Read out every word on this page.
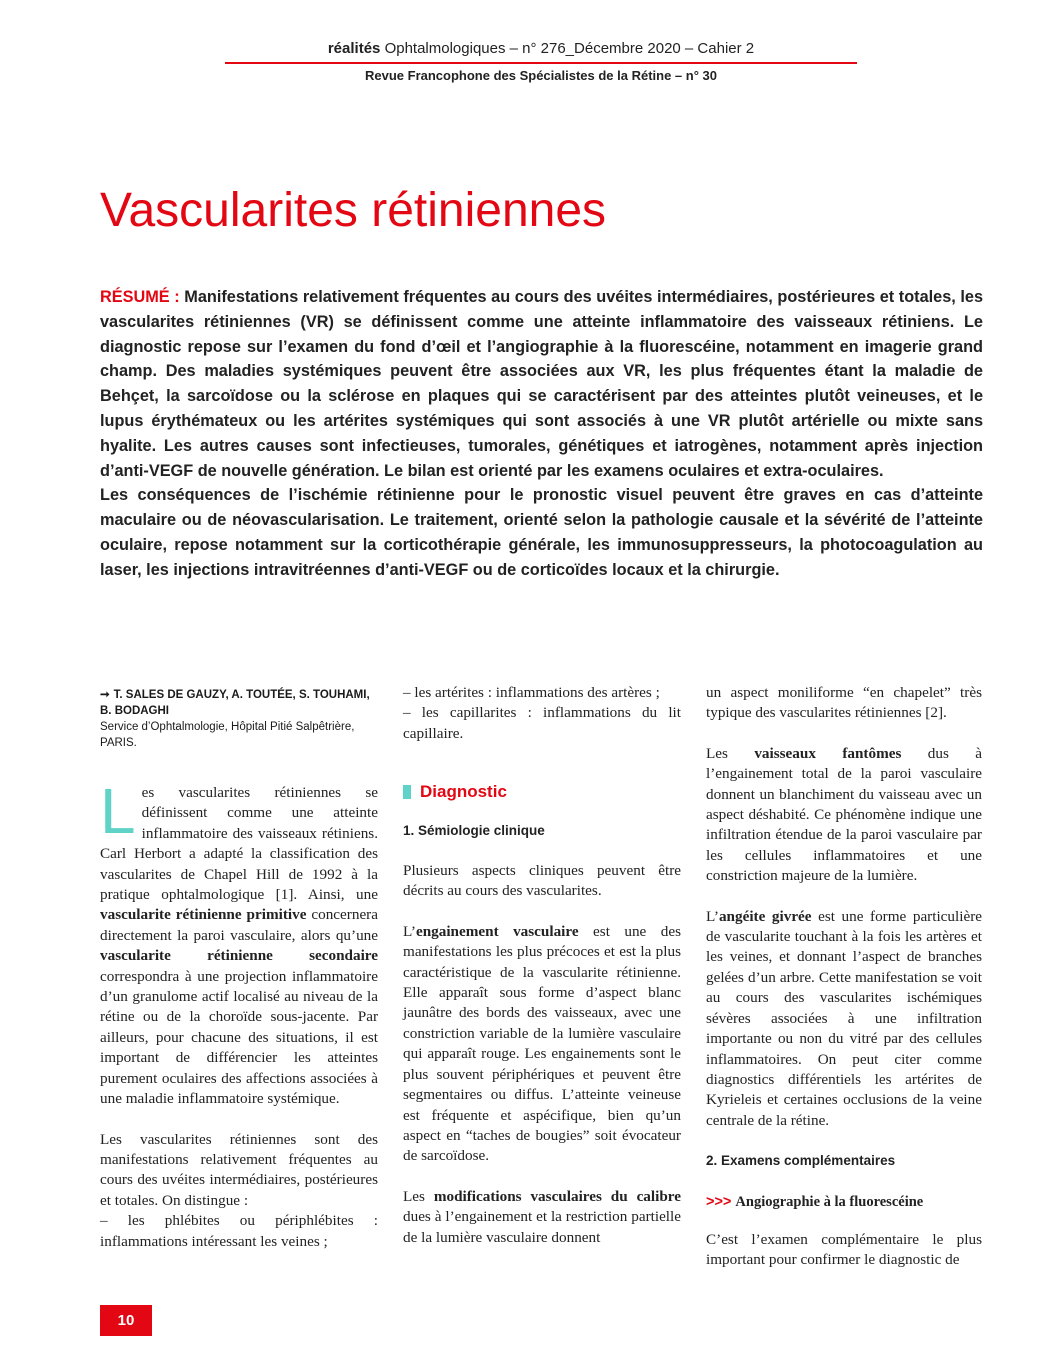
réalités Ophtalmologiques – n° 276_Décembre 2020 – Cahier 2
Revue Francophone des Spécialistes de la Rétine – n° 30
Vascularites rétiniennes

RÉSUMÉ : Manifestations relativement fréquentes au cours des uvéites intermédiaires, postérieures et totales, les vascularites rétiniennes (VR) se définissent comme une atteinte inflammatoire des vaisseaux rétiniens. Le diagnostic repose sur l’examen du fond d’œil et l’angiographie à la fluorescéine, notamment en imagerie grand champ. Des maladies systémiques peuvent être associées aux VR, les plus fréquentes étant la maladie de Behçet, la sarcoïdose ou la sclérose en plaques qui se caractérisent par des atteintes plutôt veineuses, et le lupus érythémateux ou les artérites systémiques qui sont associés à une VR plutôt artérielle ou mixte sans hyalite. Les autres causes sont infectieuses, tumorales, génétiques et iatrogènes, notamment après injection d’anti-VEGF de nouvelle génération. Le bilan est orienté par les examens oculaires et extra-oculaires.

Les conséquences de l’ischémie rétinienne pour le pronostic visuel peuvent être graves en cas d’atteinte maculaire ou de néovascularisation. Le traitement, orienté selon la pathologie causale et la sévérité de l’atteinte oculaire, repose notamment sur la corticothérapie générale, les immunosuppresseurs, la photocoagulation au laser, les injections intravitréennes d’anti-VEGF ou de corticoïdes locaux et la chirurgie.

➞ T. SALES DE GAUZY, A. TOUTÉE, S. TOUHAMI, B. BODAGHI
Service d’Ophtalmologie, Hôpital Pitié Salpêtrière, PARIS.

Les vascularites rétiniennes se définissent comme une atteinte inflammatoire des vaisseaux rétiniens. Carl Herbort a adapté la classification des vascularites de Chapel Hill de 1992 à la pratique ophtalmologique [1]. Ainsi, une vascularite rétinienne primitive concernera directement la paroi vasculaire, alors qu’une vascularite rétinienne secondaire correspondra à une projection inflammatoire d’un granulome actif localisé au niveau de la rétine ou de la choroïde sous-jacente. Par ailleurs, pour chacune des situations, il est important de différencier les atteintes purement oculaires des affections associées à une maladie inflammatoire systémique.

Les vascularites rétiniennes sont des manifestations relativement fréquentes au cours des uvéites intermédiaires, postérieures et totales. On distingue :
– les phlébites ou périphlébites : inflammations intéressant les veines ;

– les artérites : inflammations des artères ;
– les capillarites : inflammations du lit capillaire.

Diagnostic
1. Sémiologie clinique

Plusieurs aspects cliniques peuvent être décrits au cours des vascularites.

L’engainement vasculaire est une des manifestations les plus précoces et est la plus caractéristique de la vascularite rétinienne. Elle apparaît sous forme d’aspect blanc jaunâtre des bords des vaisseaux, avec une constriction variable de la lumière vasculaire qui apparaît rouge. Les engainements sont le plus souvent périphériques et peuvent être segmentaires ou diffus. L’atteinte veineuse est fréquente et aspécifique, bien qu’un aspect en “taches de bougies” soit évocateur de sarcoïdose.

Les modifications vasculaires du calibre dues à l’engainement et la restriction partielle de la lumière vasculaire donnent

un aspect moniliforme “en chapelet” très typique des vascularites rétiniennes [2].

Les vaisseaux fantômes dus à l’engainement total de la paroi vasculaire donnent un blanchiment du vaisseau avec un aspect déshabité. Ce phénomène indique une infiltration étendue de la paroi vasculaire par les cellules inflammatoires et une constriction majeure de la lumière.

L’angéite givrée est une forme particulière de vascularite touchant à la fois les artères et les veines, et donnant l’aspect de branches gelées d’un arbre. Cette manifestation se voit au cours des vascularites ischémiques sévères associées à une infiltration importante ou non du vitré par des cellules inflammatoires. On peut citer comme diagnostics différentiels les artérites de Kyrieleis et certaines occlusions de la veine centrale de la rétine.

2. Examens complémentaires
>>> Angiographie à la fluorescéine

C’est l’examen complémentaire le plus important pour confirmer le diagnostic de

10
